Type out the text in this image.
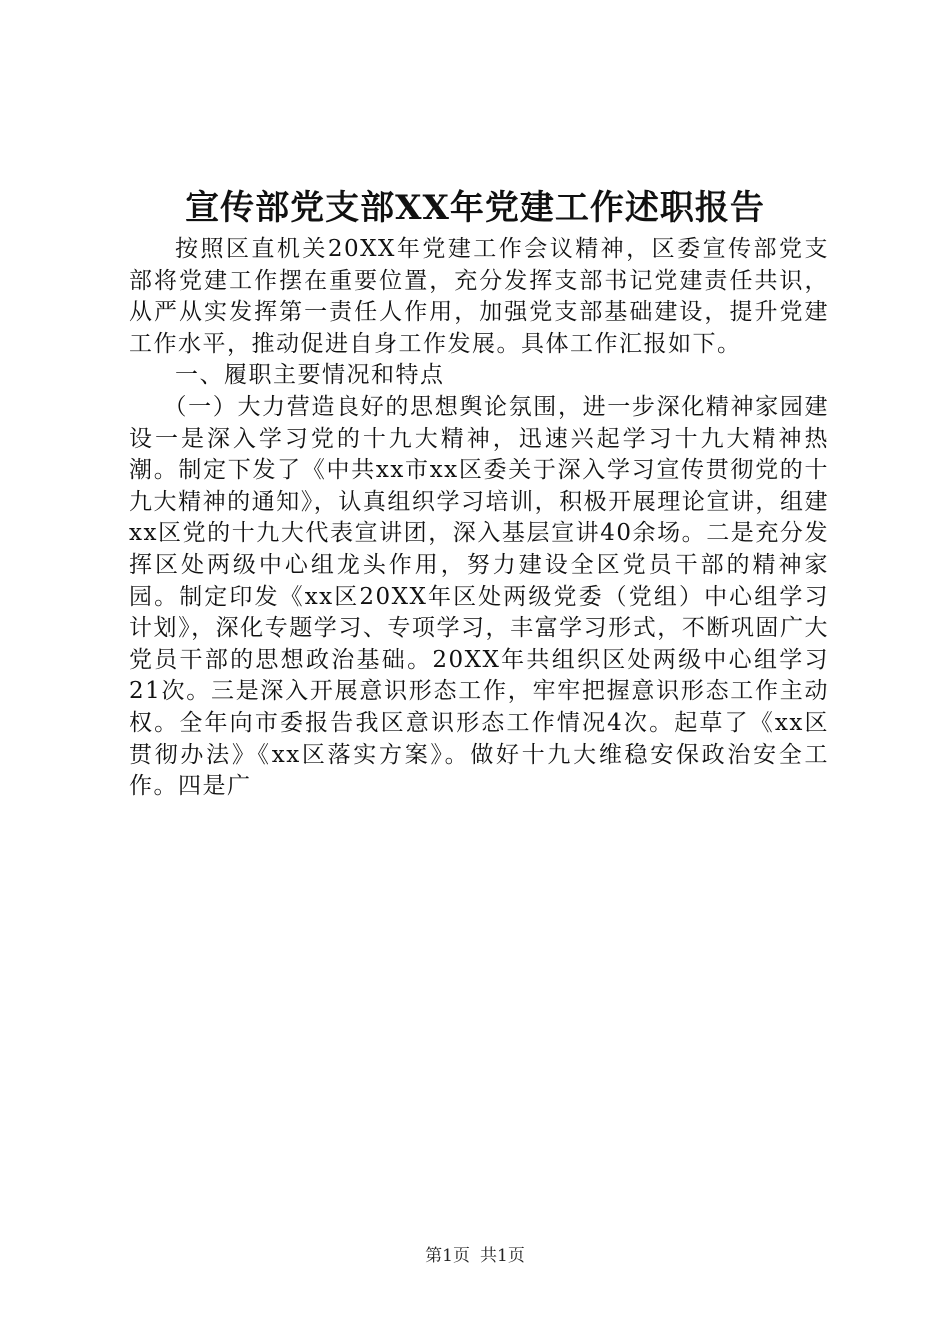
宣传部党支部XX年党建工作述职报告

按照区直机关20XX年党建工作会议精神，区委宣传部党支部将党建工作摆在重要位置，充分发挥支部书记党建责任共识，从严从实发挥第一责任人作用，加强党支部基础建设，提升党建工作水平，推动促进自身工作发展。具体工作汇报如下。

一、履职主要情况和特点

（一）大力营造良好的思想舆论氛围，进一步深化精神家园建设一是深入学习党的十九大精神，迅速兴起学习十九大精神热潮。制定下发了《中共xx市xx区委关于深入学习宣传贯彻党的十九大精神的通知》，认真组织学习培训，积极开展理论宣讲，组建xx区党的十九大代表宣讲团，深入基层宣讲40余场。二是充分发挥区处两级中心组龙头作用，努力建设全区党员干部的精神家园。制定印发《xx区20XX年区处两级党委（党组）中心组学习计划》，深化专题学习、专项学习，丰富学习形式，不断巩固广大党员干部的思想政治基础。20XX年共组织区处两级中心组学习21次。三是深入开展意识形态工作，牢牢把握意识形态工作主动权。全年向市委报告我区意识形态工作情况4次。起草了《xx区贯彻办法》《xx区落实方案》。做好十九大维稳安保政治安全工作。四是广

第1页 共1页
